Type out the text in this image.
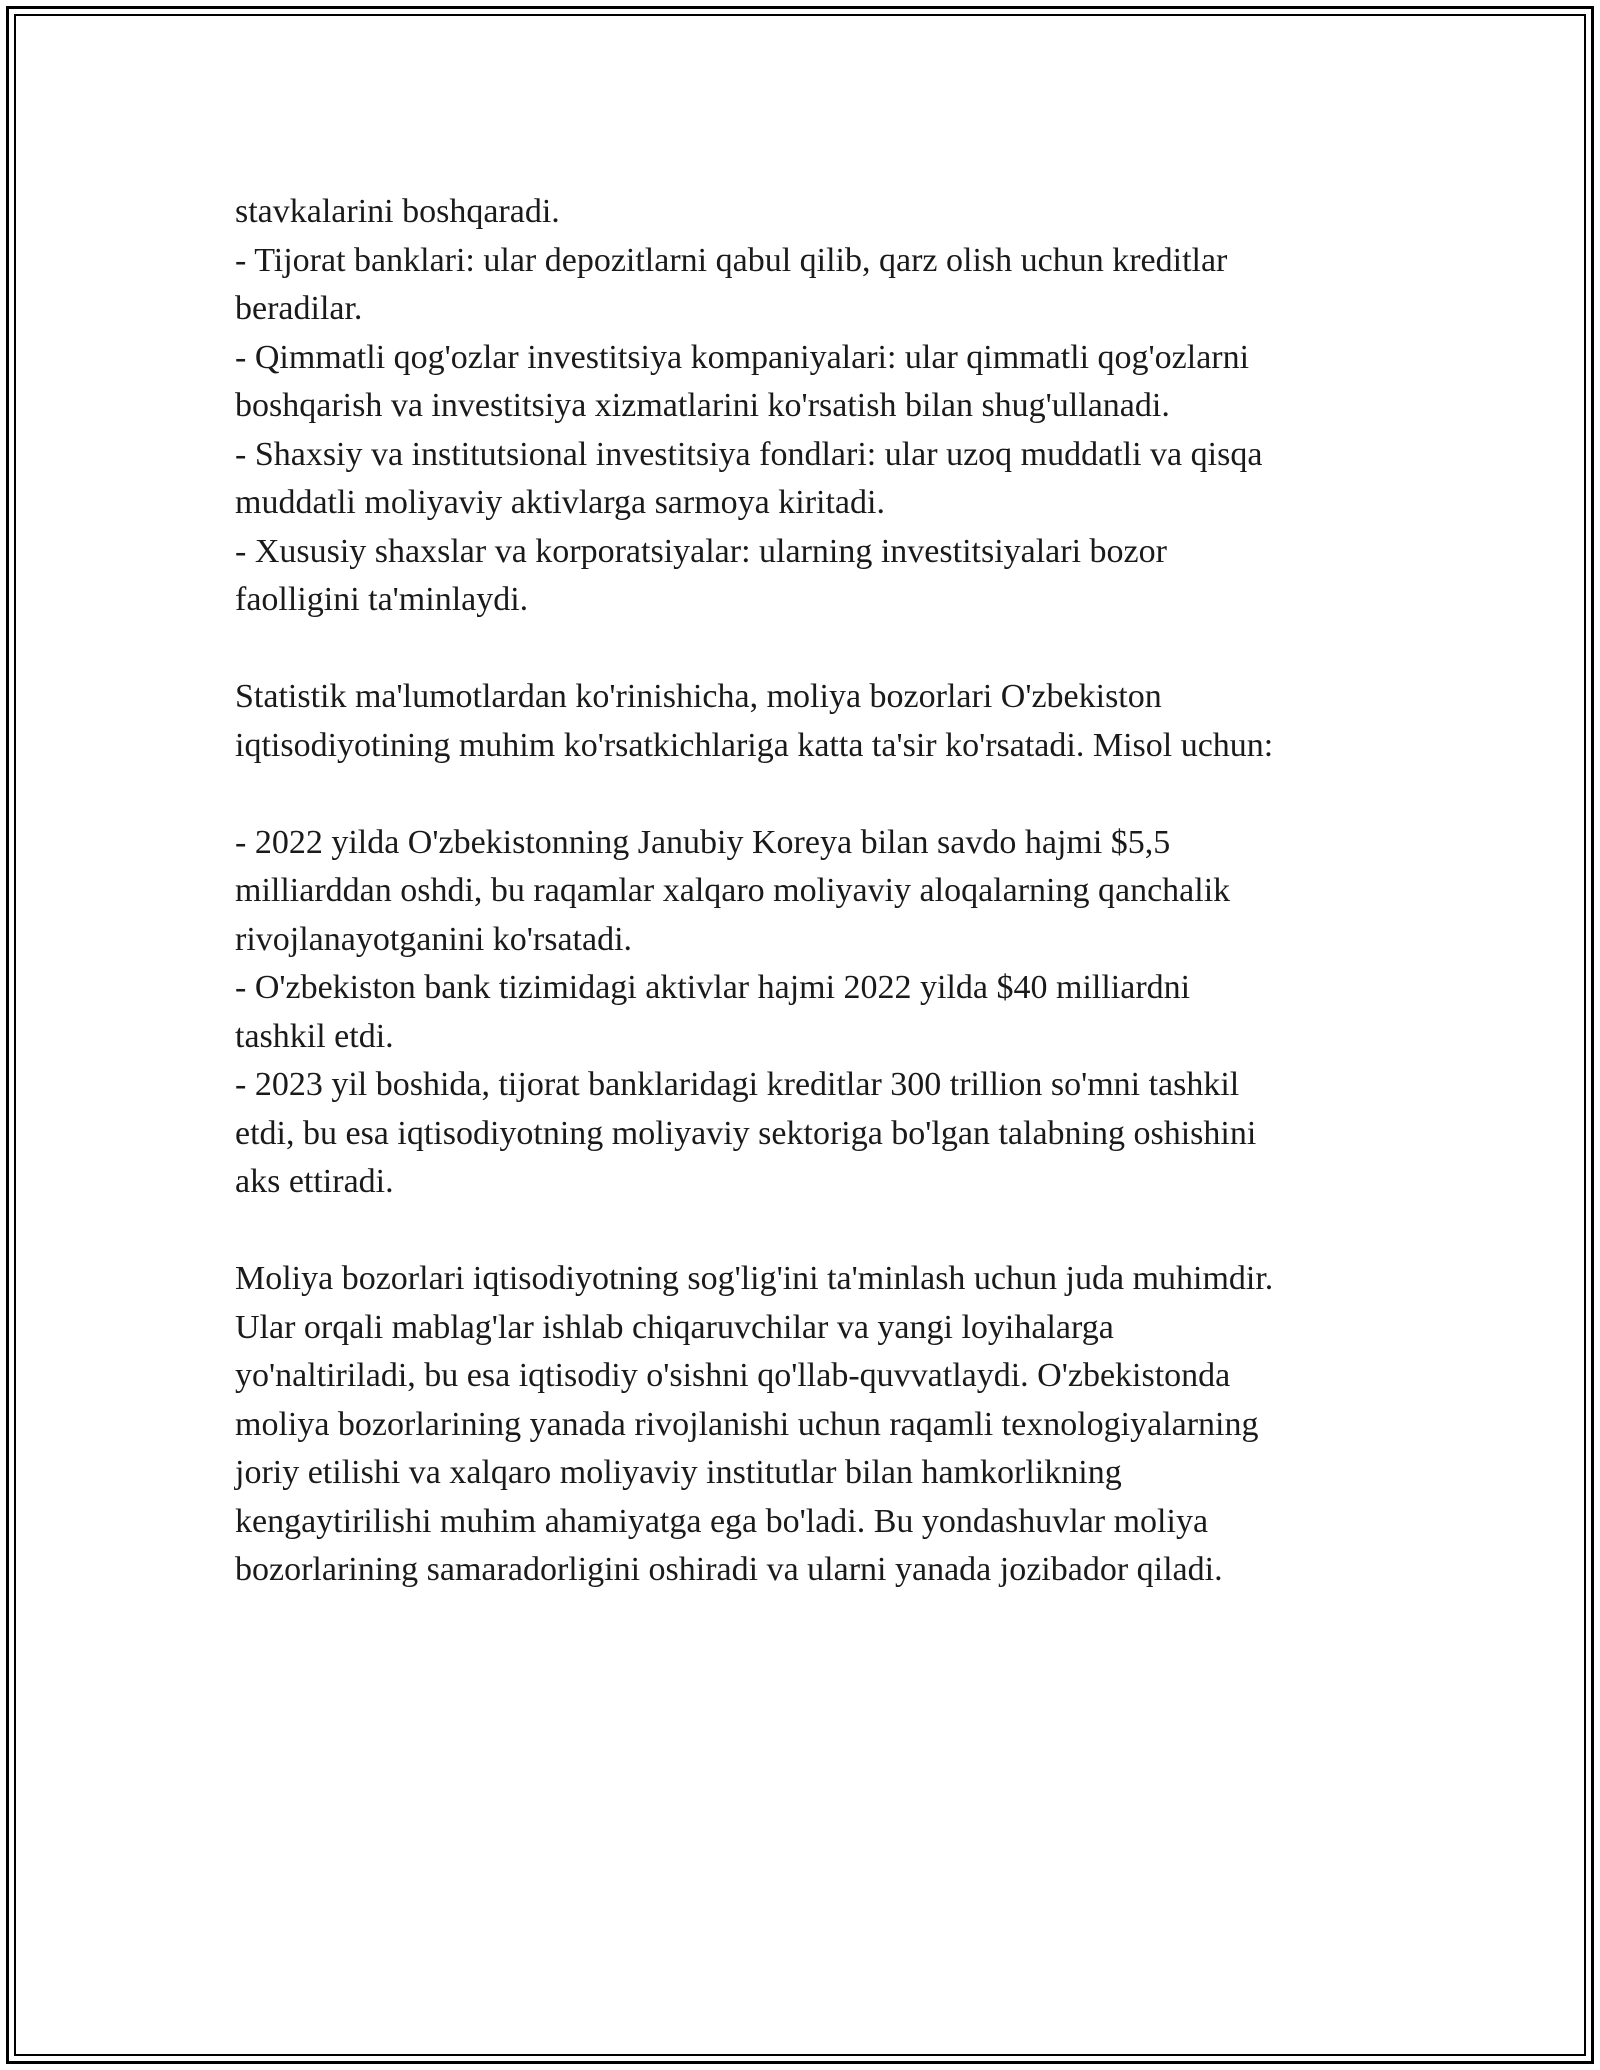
stavkalarini boshqaradi.
- Tijorat banklari: ular depozitlarni qabul qilib, qarz olish uchun kreditlar
beradilar.
- Qimmatli qog'ozlar investitsiya kompaniyalari: ular qimmatli qog'ozlarni
boshqarish va investitsiya xizmatlarini ko'rsatish bilan shug'ullanadi.
- Shaxsiy va institutsional investitsiya fondlari: ular uzoq muddatli va qisqa
muddatli moliyaviy aktivlarga sarmoya kiritadi.
- Xususiy shaxslar va korporatsiyalar: ularning investitsiyalari bozor
faolligini ta'minlaydi.
Statistik ma'lumotlardan ko'rinishicha, moliya bozorlari O'zbekiston
iqtisodiyotining muhim ko'rsatkichlariga katta ta'sir ko'rsatadi. Misol uchun:
- 2022 yilda O'zbekistonning Janubiy Koreya bilan savdo hajmi $5,5
milliarddan oshdi, bu raqamlar xalqaro moliyaviy aloqalarning qanchalik
rivojlanayotganini ko'rsatadi.
- O'zbekiston bank tizimidagi aktivlar hajmi 2022 yilda $40 milliardni
tashkil etdi.
- 2023 yil boshida, tijorat banklaridagi kreditlar 300 trillion so'mni tashkil
etdi, bu esa iqtisodiyotning moliyaviy sektoriga bo'lgan talabning oshishini
aks ettiradi.
Moliya bozorlari iqtisodiyotning sog'lig'ini ta'minlash uchun juda muhimdir.
Ular orqali mablag'lar ishlab chiqaruvchilar va yangi loyihalarga
yo'naltiriladi, bu esa iqtisodiy o'sishni qo'llab-quvvatlaydi. O'zbekistonda
moliya bozorlarining yanada rivojlanishi uchun raqamli texnologiyalarning
joriy etilishi va xalqaro moliyaviy institutlar bilan hamkorlikning
kengaytirilishi muhim ahamiyatga ega bo'ladi. Bu yondashuvlar moliya
bozorlarining samaradorligini oshiradi va ularni yanada jozibador qiladi.
